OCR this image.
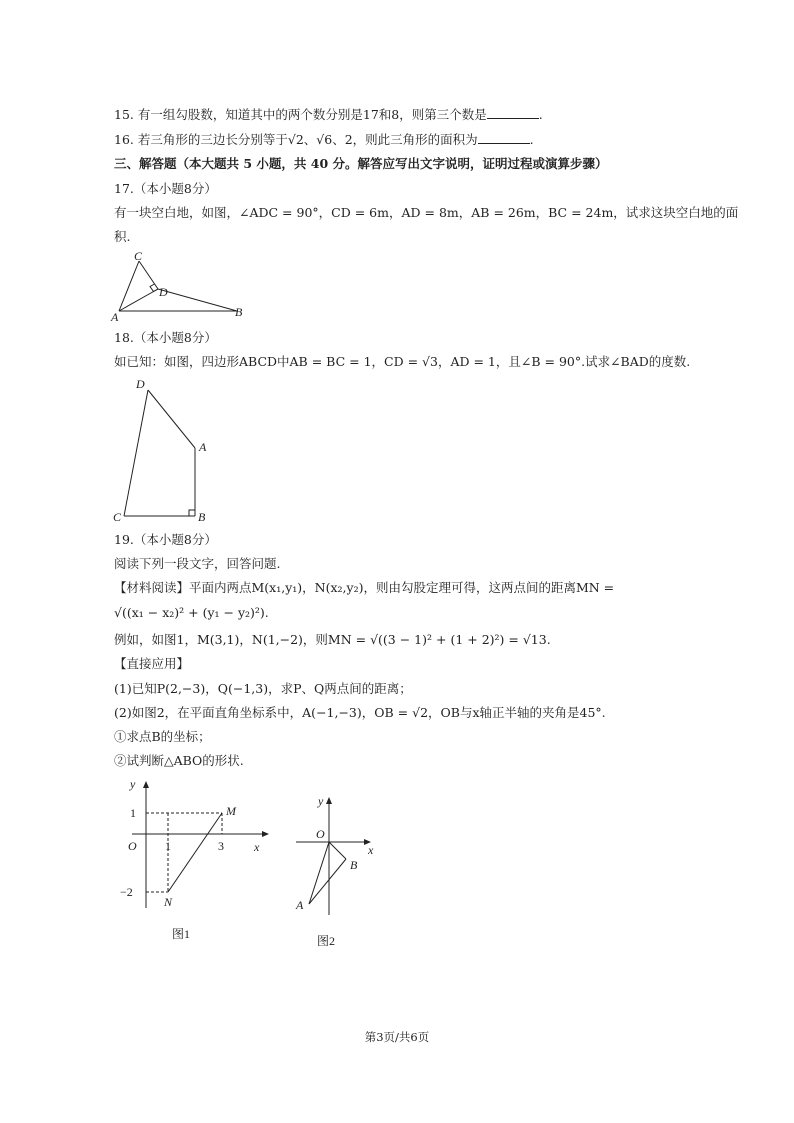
15. 有一组勾股数，知道其中的两个数分别是17和8，则第三个数是	.
16. 若三角形的三边长分别等于√2、√6、2，则此三角形的面积为	.
三、解答题（本大题共 5 小题，共 40 分。解答应写出文字说明，证明过程或演算步骤）
17.（本小题8分）
有一块空白地，如图，∠ADC = 90°，CD = 6m，AD = 8m，AB = 26m，BC = 24m，试求这块空白地的面
积.
C
D
A	B
18.（本小题8分）
如已知：如图，四边形ABCD中AB = BC = 1，CD = √3，AD = 1，且∠B = 90°.试求∠BAD的度数.
D
A
C	B
19.（本小题8分）
阅读下列一段文字，回答问题.
【材料阅读】平面内两点M(x₁,y₁)，N(x₂,y₂)，则由勾股定理可得，这两点间的距离MN =
√((x₁ − x₂)² + (y₁ − y₂)²).
例如，如图1，M(3,1)，N(1,−2)，则MN = √((3 − 1)² + (1 + 2)²) = √13.
【直接应用】
(1)已知P(2,−3)，Q(−1,3)，求P、Q两点间的距离；
(2)如图2，在平面直角坐标系中，A(−1,−3)，OB = √2，OB与x轴正半轴的夹角是45°.
①求点B的坐标；
②试判断△ABO的形状.
y
x
O 1	3
1
−2
M
N
图1
y
x
O
B
A
图2
第3页/共6页
